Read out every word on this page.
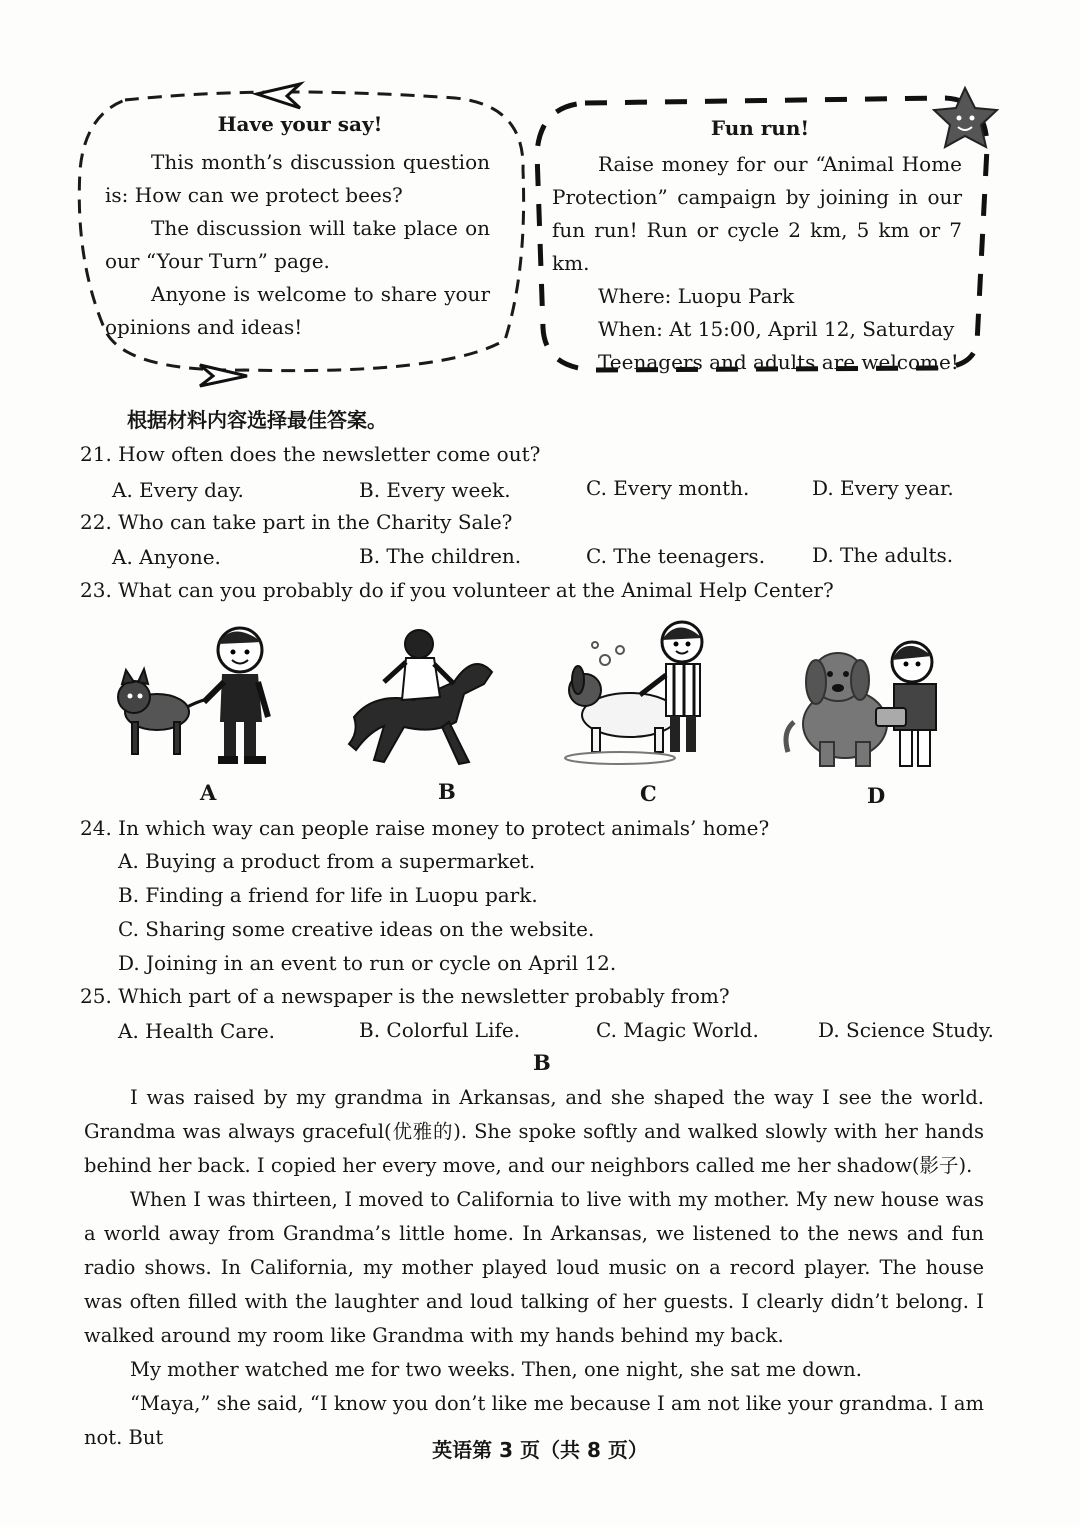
Have your say!
This month’s discussion question is: How can we protect bees?
The discussion will take place on our “Your Turn” page.
Anyone is welcome to share your opinions and ideas!
Fun run!
Raise money for our “Animal Home Protection” campaign by joining in our fun run! Run or cycle 2 km, 5 km or 7 km.
Where: Luopu Park
When: At 15:00, April 12, Saturday
Teenagers and adults are welcome!
根据材料内容选择最佳答案。
21. How often does the newsletter come out?
A. Every day.	B. Every week.	C. Every month.	D. Every year.
22. Who can take part in the Charity Sale?
A. Anyone.	B. The children.	C. The teenagers. D. The adults.
23. What can you probably do if you volunteer at the Animal Help Center?
A	B	C	D
24. In which way can people raise money to protect animals’ home?
A. Buying a product from a supermarket.
B. Finding a friend for life in Luopu park.
C. Sharing some creative ideas on the website.
D. Joining in an event to run or cycle on April 12.
25. Which part of a newspaper is the newsletter probably from?
A. Health Care.	B. Colorful Life.	C. Magic World.	D. Science Study.
B
I was raised by my grandma in Arkansas, and she shaped the way I see the world. Grandma was always graceful(优雅的). She spoke softly and walked slowly with her hands behind her back. I copied her every move, and our neighbors called me her shadow(影子).
When I was thirteen, I moved to California to live with my mother. My new house was a world away from Grandma’s little home. In Arkansas, we listened to the news and fun radio shows. In California, my mother played loud music on a record player. The house was often filled with the laughter and loud talking of her guests. I clearly didn’t belong. I walked around my room like Grandma with my hands behind my back.
My mother watched me for two weeks. Then, one night, she sat me down.
“Maya,” she said, “I know you don’t like me because I am not like your grandma. I am not. But
英语第 3 页（共 8 页）
